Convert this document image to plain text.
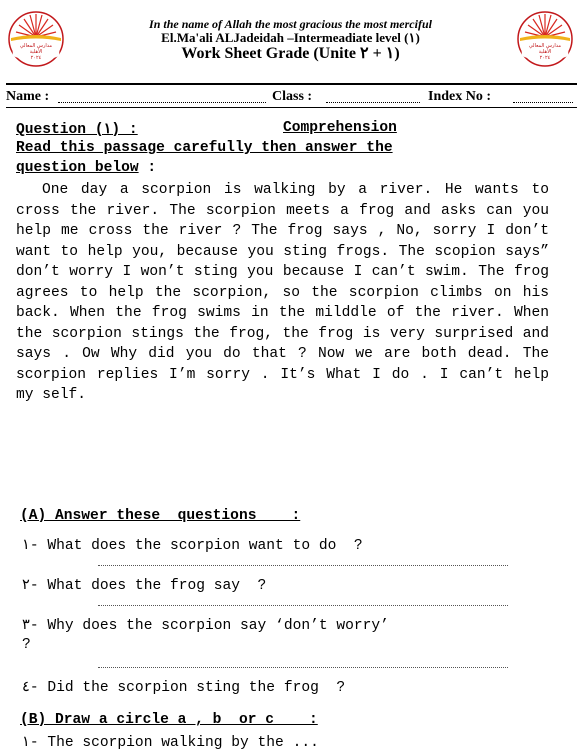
مدارس المعالي
الأهلية
٢٠٢٤
مدارس المعالي
الأهلية
٢٠٢٤
In the name of Allah the most gracious the most merciful
El.Ma'ali ALJadeidah –Intermeadiate level (١)
Work Sheet Grade (Unite ١ + ٢)
Name :	Class :	Index No :
Question (١) :	Comprehension
Read this passage carefully then answer the
question below :
One day a scorpion is walking by a river. He wants to cross the river. The scorpion meets a frog and asks can you help me cross the river ? The frog says , No, sorry I don’t want to help you, because you sting frogs. The scopion says” don’t worry I won’t sting you because I can’t swim. The frog agrees to help the scorpion, so the scorpion climbs on his back. When the frog swims in the milddle of the river. When the scorpion stings the frog, the frog is very surprised and says . Ow Why did you do that ? Now we are both dead. The scorpion replies I’m sorry . It’s What I do . I can’t help my self.
(A) Answer these  questions    :
١- What does the scorpion want to do  ?
٢- What does the frog say  ?
٣- Why does the scorpion say ‘don’t worry’
?
٤- Did the scorpion sting the frog  ?
(B) Draw a circle a , b  or c    :
١- The scorpion walking by the ...
